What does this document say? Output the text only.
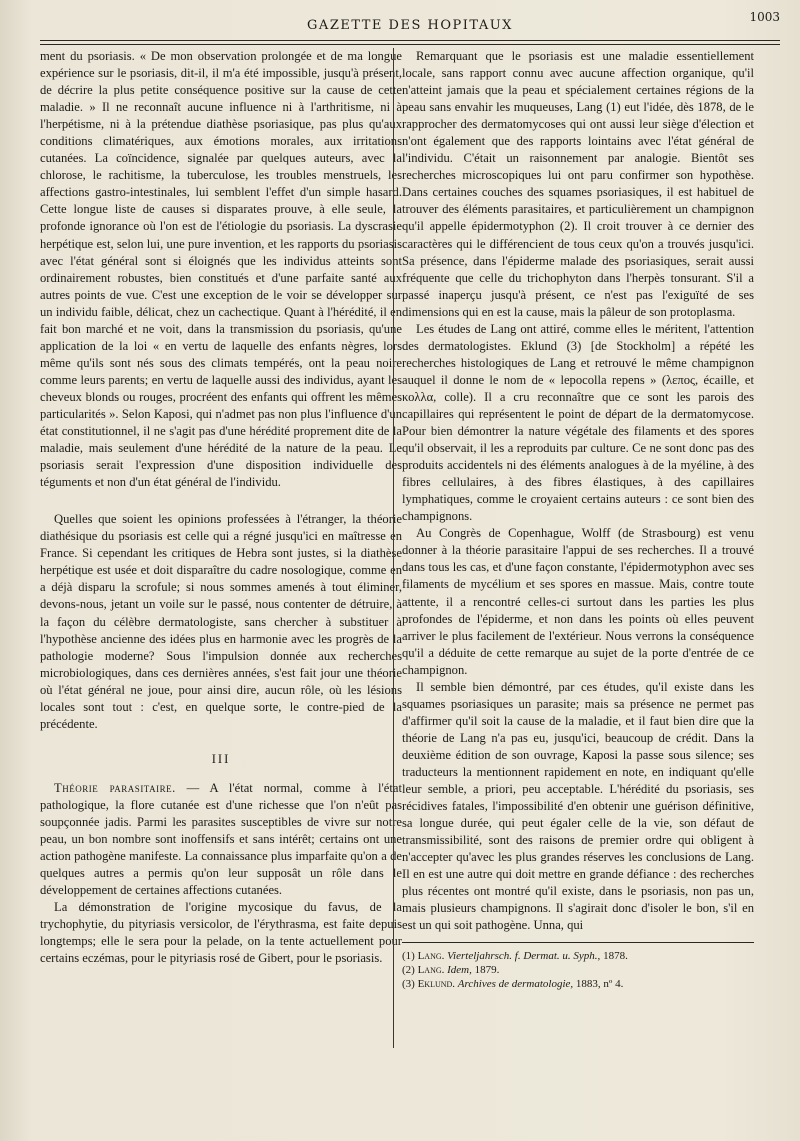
GAZETTE DES HOPITAUX
1003

ment du psoriasis. « De mon observation prolongée et de ma longue expérience sur le psoriasis, dit-il, il m'a été impossible, jusqu'à présent, de décrire la plus petite conséquence positive sur la cause de cette maladie. » Il ne reconnaît aucune influence ni à l'arthritisme, ni à l'herpétisme, ni à la prétendue diathèse psoriasique, pas plus qu'aux conditions climatériques, aux émotions morales, aux irritations cutanées. La coïncidence, signalée par quelques auteurs, avec la chlorose, le rachitisme, la tuberculose, les troubles menstruels, les affections gastro-intestinales, lui semblent l'effet d'un simple hasard. Cette longue liste de causes si disparates prouve, à elle seule, la profonde ignorance où l'on est de l'étiologie du psoriasis. La dyscrasie herpétique est, selon lui, une pure invention, et les rapports du psoriasis avec l'état général sont si éloignés que les individus atteints sont ordinairement robustes, bien constitués et d'une parfaite santé aux autres points de vue. C'est une exception de le voir se développer sur un individu faible, délicat, chez un cachectique. Quant à l'hérédité, il en fait bon marché et ne voit, dans la transmission du psoriasis, qu'une application de la loi « en vertu de laquelle des enfants nègres, lors même qu'ils sont nés sous des climats tempérés, ont la peau noire comme leurs parents; en vertu de laquelle aussi des individus, ayant les cheveux blonds ou rouges, procréent des enfants qui offrent les mêmes particularités ». Selon Kaposi, qui n'admet pas non plus l'influence d'un état constitutionnel, il ne s'agit pas d'une hérédité proprement dite de la maladie, mais seulement d'une hérédité de la nature de la peau. Le psoriasis serait l'expression d'une disposition individuelle des téguments et non d'un état général de l'individu.

Quelles que soient les opinions professées à l'étranger, la théorie diathésique du psoriasis est celle qui a régné jusqu'ici en maîtresse en France. Si cependant les critiques de Hebra sont justes, si la diathèse herpétique est usée et doit disparaître du cadre nosologique, comme en a déjà disparu la scrofule; si nous sommes amenés à tout éliminer, devons-nous, jetant un voile sur le passé, nous contenter de détruire, à la façon du célèbre dermatologiste, sans chercher à substituer à l'hypothèse ancienne des idées plus en harmonie avec les progrès de la pathologie moderne? Sous l'impulsion donnée aux recherches microbiologiques, dans ces dernières années, s'est fait jour une théorie où l'état général ne joue, pour ainsi dire, aucun rôle, où les lésions locales sont tout : c'est, en quelque sorte, le contre-pied de la précédente.

III

Théorie parasitaire. — A l'état normal, comme à l'état pathologique, la flore cutanée est d'une richesse que l'on n'eût pas soupçonnée jadis. Parmi les parasites susceptibles de vivre sur notre peau, un bon nombre sont inoffensifs et sans intérêt; certains ont une action pathogène manifeste. La connaissance plus imparfaite qu'on a de quelques autres a permis qu'on leur supposât un rôle dans le développement de certaines affections cutanées.

La démonstration de l'origine mycosique du favus, de la trychophytie, du pityriasis versicolor, de l'érythrasma, est faite depuis longtemps; elle le sera pour la pelade, on la tente actuellement pour certains eczémas, pour le pityriasis rosé de Gibert, pour le psoriasis.

Remarquant que le psoriasis est une maladie essentiellement locale, sans rapport connu avec aucune affection organique, qu'il n'atteint jamais que la peau et spécialement certaines régions de la peau sans envahir les muqueuses, Lang (1) eut l'idée, dès 1878, de le rapprocher des dermatomycoses qui ont aussi leur siège d'élection et n'ont également que des rapports lointains avec l'état général de l'individu. C'était un raisonnement par analogie. Bientôt ses recherches microscopiques lui ont paru confirmer son hypothèse. Dans certaines couches des squames psoriasiques, il est habituel de trouver des éléments parasitaires, et particulièrement un champignon qu'il appelle épidermotyphon (2). Il croit trouver à ce dernier des caractères qui le différencient de tous ceux qu'on a trouvés jusqu'ici. Sa présence, dans l'épiderme malade des psoriasiques, serait aussi fréquente que celle du trichophyton dans l'herpès tonsurant. S'il a passé inaperçu jusqu'à présent, ce n'est pas l'exiguïté de ses dimensions qui en est la cause, mais la pâleur de son protoplasma.

Les études de Lang ont attiré, comme elles le méritent, l'attention des dermatologistes. Eklund (3) [de Stockholm] a répété les recherches histologiques de Lang et retrouvé le même champignon auquel il donne le nom de « lepocolla repens » (λεπος, écaille, et κολλα, colle). Il a cru reconnaître que ce sont les parois des capillaires qui représentent le point de départ de la dermatomycose. Pour bien démontrer la nature végétale des filaments et des spores qu'il observait, il les a reproduits par culture. Ce ne sont donc pas des produits accidentels ni des éléments analogues à de la myéline, à des fibres cellulaires, à des fibres élastiques, à des capillaires lymphatiques, comme le croyaient certains auteurs : ce sont bien des champignons.

Au Congrès de Copenhague, Wolff (de Strasbourg) est venu donner à la théorie parasitaire l'appui de ses recherches. Il a trouvé dans tous les cas, et d'une façon constante, l'épidermotyphon avec ses filaments de mycélium et ses spores en massue. Mais, contre toute attente, il a rencontré celles-ci surtout dans les parties les plus profondes de l'épiderme, et non dans les points où elles peuvent arriver le plus facilement de l'extérieur. Nous verrons la conséquence qu'il a déduite de cette remarque au sujet de la porte d'entrée de ce champignon.

Il semble bien démontré, par ces études, qu'il existe dans les squames psoriasiques un parasite; mais sa présence ne permet pas d'affirmer qu'il soit la cause de la maladie, et il faut bien dire que la théorie de Lang n'a pas eu, jusqu'ici, beaucoup de crédit. Dans la deuxième édition de son ouvrage, Kaposi la passe sous silence; ses traducteurs la mentionnent rapidement en note, en indiquant qu'elle leur semble, a priori, peu acceptable. L'hérédité du psoriasis, ses récidives fatales, l'impossibilité d'en obtenir une guérison définitive, sa longue durée, qui peut égaler celle de la vie, son défaut de transmissibilité, sont des raisons de premier ordre qui obligent à n'accepter qu'avec les plus grandes réserves les conclusions de Lang. Il en est une autre qui doit mettre en grande défiance : des recherches plus récentes ont montré qu'il existe, dans le psoriasis, non pas un, mais plusieurs champignons. Il s'agirait donc d'isoler le bon, s'il en est un qui soit pathogène. Unna, qui

(1) Lang. Vierteljahrsch. f. Dermat. u. Syph., 1878.

(2) Lang. Idem, 1879.

(3) Eklund. Archives de dermatologie, 1883, nº 4.
